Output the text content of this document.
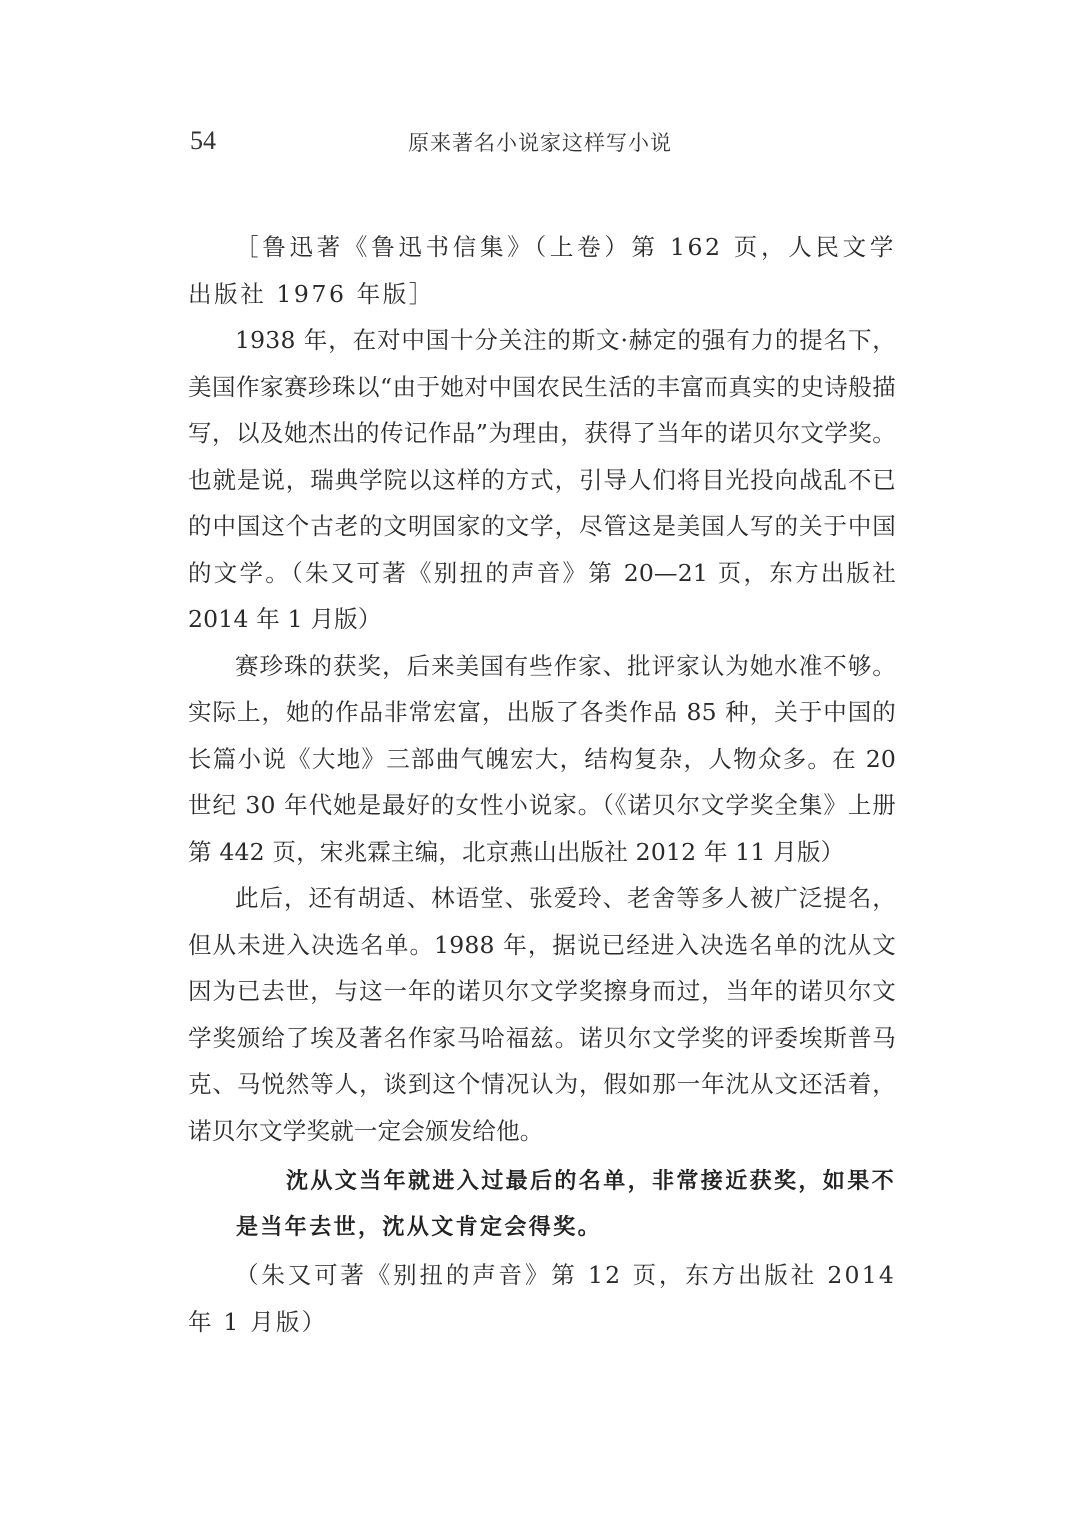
54	原来著名小说家这样写小说

［鲁迅著《鲁迅书信集》（上卷）第 162 页，人民文学出版社 1976 年版］

1938 年，在对中国十分关注的斯文·赫定的强有力的提名下，美国作家赛珍珠以“由于她对中国农民生活的丰富而真实的史诗般描写，以及她杰出的传记作品”为理由，获得了当年的诺贝尔文学奖。也就是说，瑞典学院以这样的方式，引导人们将目光投向战乱不已的中国这个古老的文明国家的文学，尽管这是美国人写的关于中国的文学。（朱又可著《别扭的声音》第 20—21 页，东方出版社 2014 年 1 月版）

赛珍珠的获奖，后来美国有些作家、批评家认为她水准不够。实际上，她的作品非常宏富，出版了各类作品 85 种，关于中国的长篇小说《大地》三部曲气魄宏大，结构复杂，人物众多。在 20 世纪 30 年代她是最好的女性小说家。（《诺贝尔文学奖全集》上册第 442 页，宋兆霖主编，北京燕山出版社 2012 年 11 月版）

此后，还有胡适、林语堂、张爱玲、老舍等多人被广泛提名，但从未进入决选名单。1988 年，据说已经进入决选名单的沈从文因为已去世，与这一年的诺贝尔文学奖擦身而过，当年的诺贝尔文学奖颁给了埃及著名作家马哈福兹。诺贝尔文学奖的评委埃斯普马克、马悦然等人，谈到这个情况认为，假如那一年沈从文还活着，诺贝尔文学奖就一定会颁发给他。

沈从文当年就进入过最后的名单，非常接近获奖，如果不是当年去世，沈从文肯定会得奖。

（朱又可著《别扭的声音》第 12 页，东方出版社 2014 年 1 月版）
